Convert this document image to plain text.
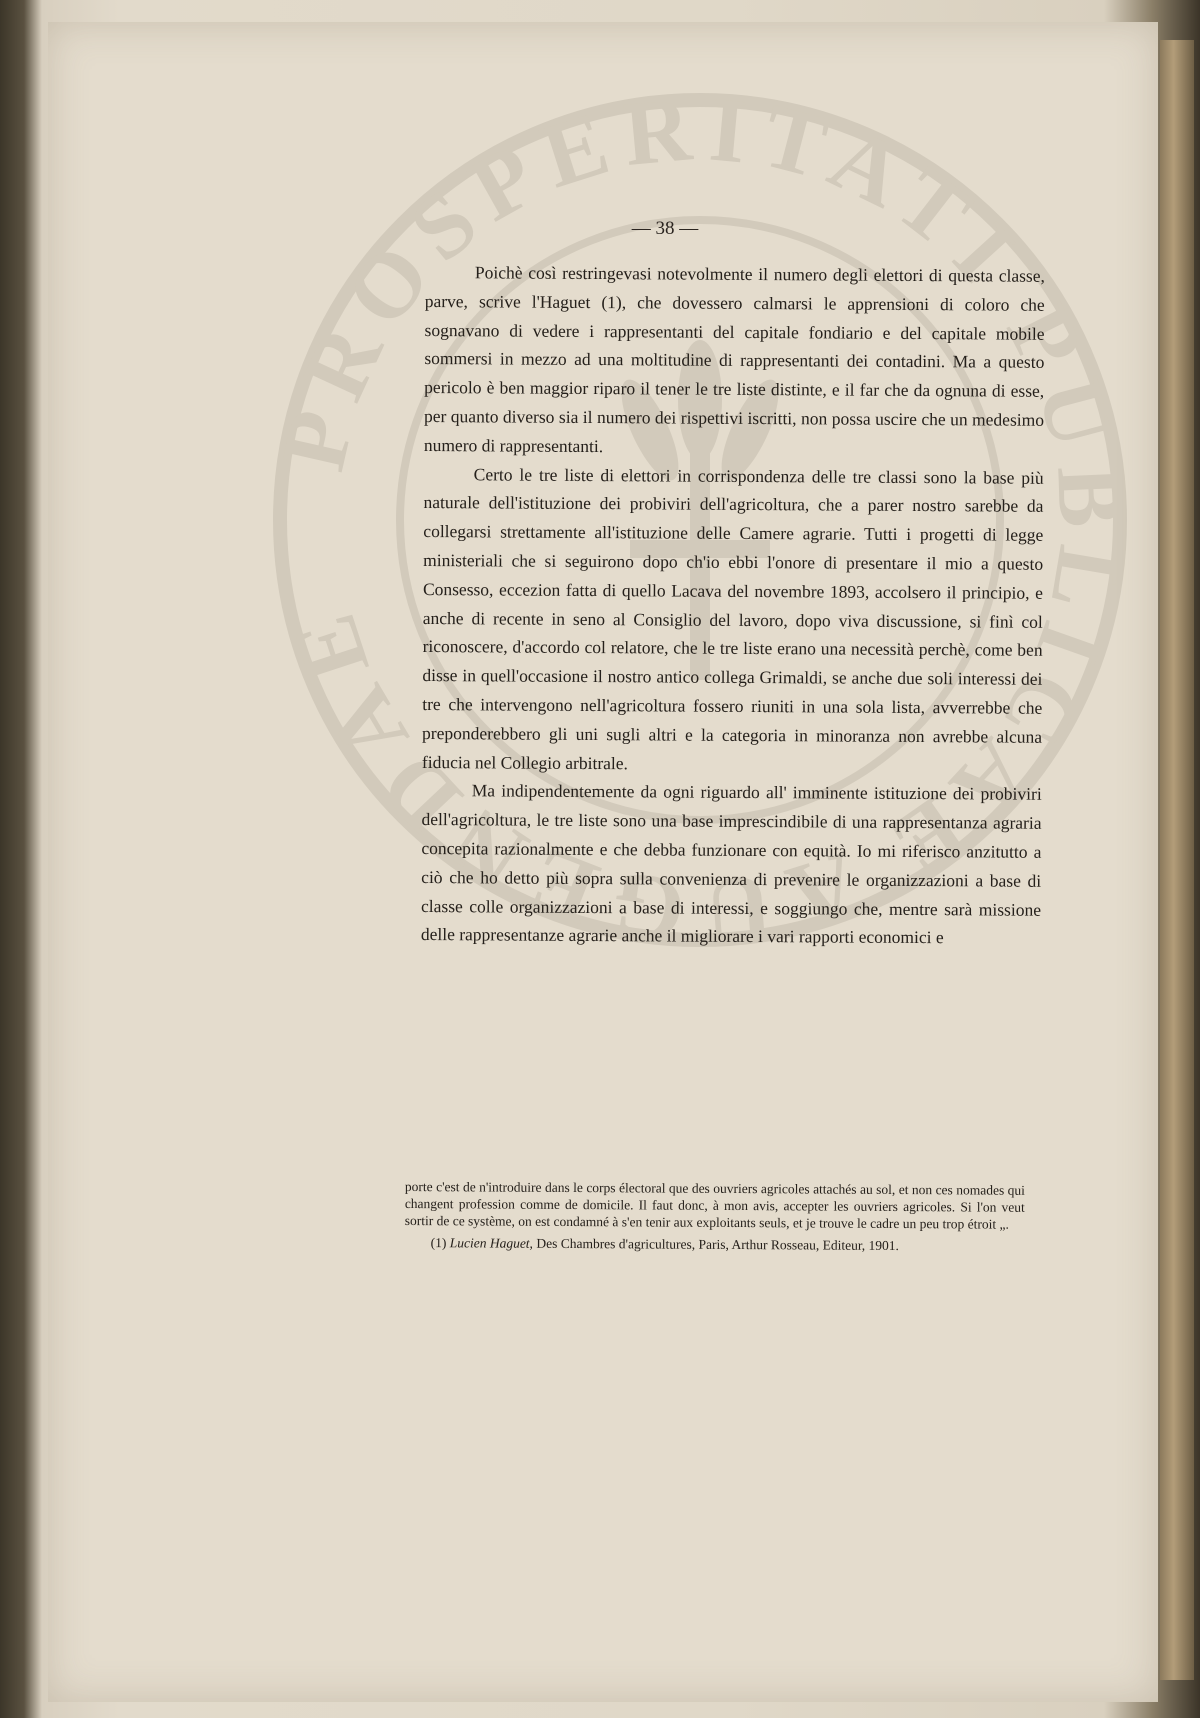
— 38 —

Poichè così restringevasi notevolmente il numero degli elettori di questa classe, parve, scrive l'Haguet (1), che dovessero calmarsi le apprensioni di coloro che sognavano di vedere i rappresentanti del capitale fondiario e del capitale mobile sommersi in mezzo ad una moltitudine di rappresentanti dei contadini. Ma a questo pericolo è ben maggior riparo il tener le tre liste distinte, e il far che da ognuna di esse, per quanto diverso sia il numero dei rispettivi iscritti, non possa uscire che un medesimo numero di rappresentanti.

Certo le tre liste di elettori in corrispondenza delle tre classi sono la base più naturale dell'istituzione dei probiviri dell'agricoltura, che a parer nostro sarebbe da collegarsi strettamente all'istituzione delle Camere agrarie. Tutti i progetti di legge ministeriali che si seguirono dopo ch'io ebbi l'onore di presentare il mio a questo Consesso, eccezion fatta di quello Lacava del novembre 1893, accolsero il principio, e anche di recente in seno al Consiglio del lavoro, dopo viva discussione, si finì col riconoscere, d'accordo col relatore, che le tre liste erano una necessità perchè, come ben disse in quell'occasione il nostro antico collega Grimaldi, se anche due soli interessi dei tre che intervengono nell'agricoltura fossero riuniti in una sola lista, avverrebbe che preponderebbero gli uni sugli altri e la categoria in minoranza non avrebbe alcuna fiducia nel Collegio arbitrale.

Ma indipendentemente da ogni riguardo all' imminente istituzione dei probiviri dell'agricoltura, le tre liste sono una base imprescindibile di una rappresentanza agraria concepita razionalmente e che debba funzionare con equità. Io mi riferisco anzitutto a ciò che ho detto più sopra sulla convenienza di prevenire le organizzazioni a base di classe colle organizzazioni a base di interessi, e soggiungo che, mentre sarà missione delle rappresentanze agrarie anche il migliorare i vari rapporti economici e

porte c'est de n'introduire dans le corps électoral que des ouvriers agricoles attachés au sol, et non ces nomades qui changent profession comme de domicile. Il faut donc, à mon avis, accepter les ouvriers agricoles. Si l'on veut sortir de ce système, on est condamné à s'en tenir aux exploitants seuls, et je trouve le cadre un peu trop étroit „.

(1) Lucien Haguet, Des Chambres d'agricultures, Paris, Arthur Rosseau, Editeur, 1901.
